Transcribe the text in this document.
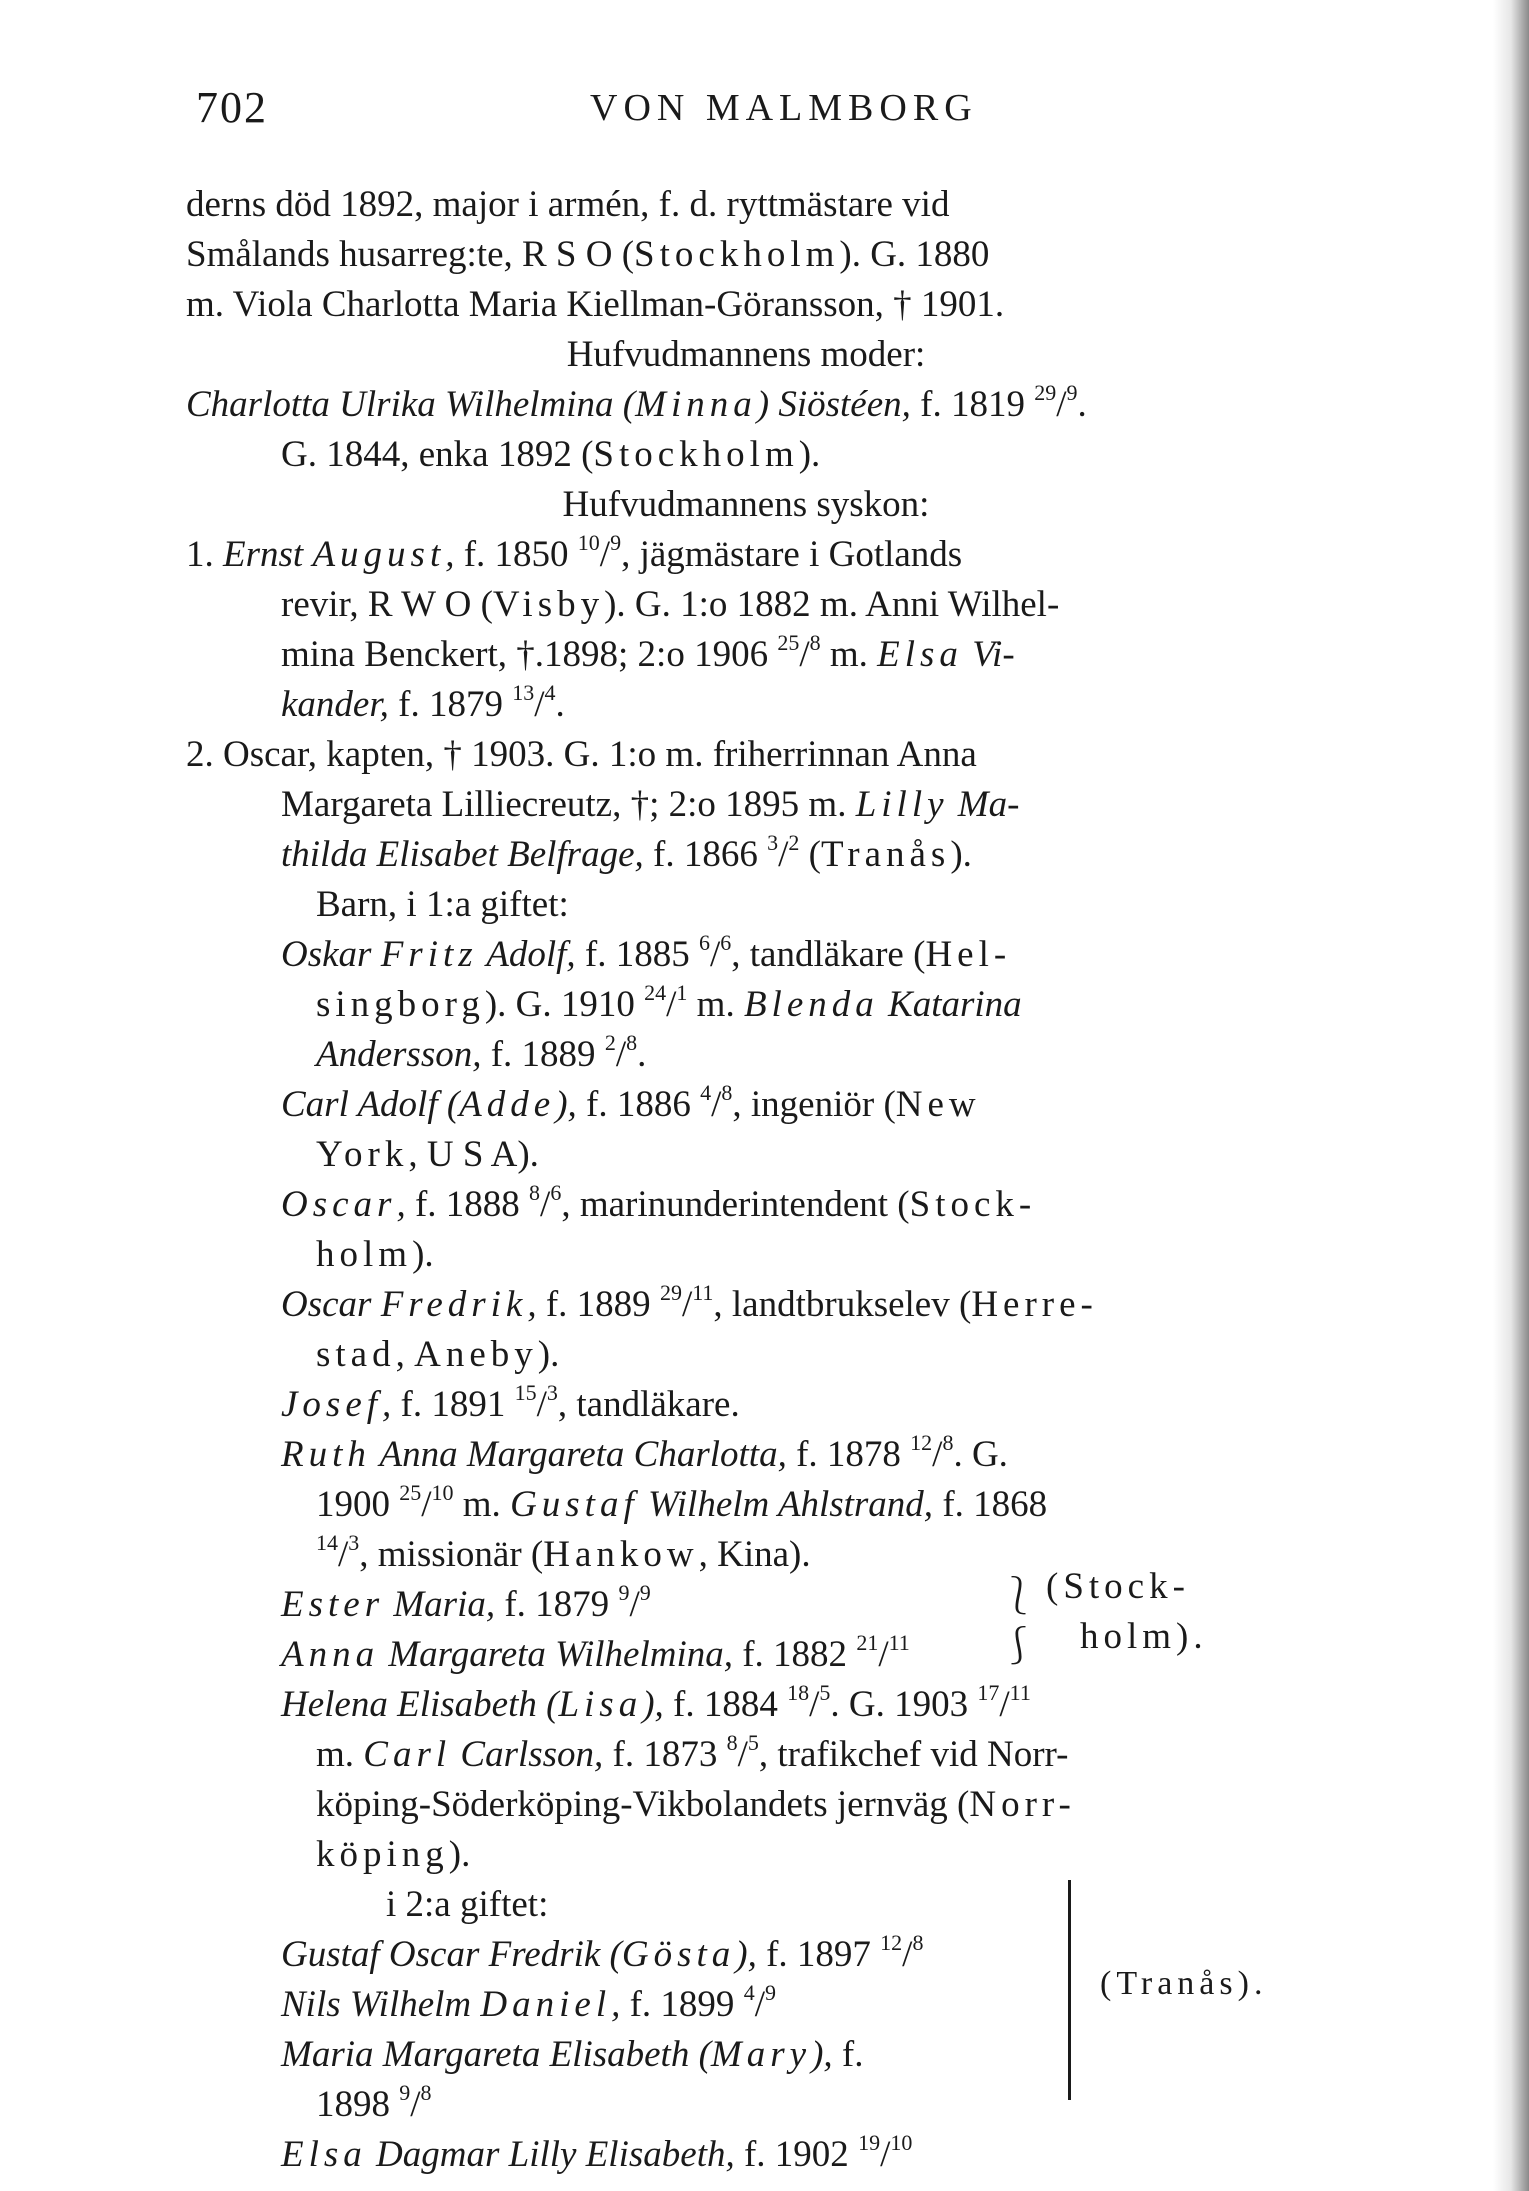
702	VON MALMBORG
derns död 1892, major i armén, f. d. ryttmästare vid
Smålands husarreg:te, R S O (Stockholm). G. 1880
m. Viola Charlotta Maria Kiellman-Göransson, † 1901.
Hufvudmannens moder:
Charlotta Ulrika Wilhelmina (Minna) Siöstéen, f. 1819 $^{29}$/$^9$.
G. 1844, enka 1892 (Stockholm).
Hufvudmannens syskon:
1. Ernst August, f. 1850 $^{10}$/$^9$, jägmästare i Gotlands
revir, R W O (Visby). G. 1:o 1882 m. Anni Wilhel-
mina Benckert, †.1898; 2:o 1906 $^{25}$/$^8$ m. Elsa Vi-
kander, f. 1879 $^{13}$/$^4$.
2. Oscar, kapten, † 1903. G. 1:o m. friherrinnan Anna
Margareta Lilliecreutz, †; 2:o 1895 m. Lilly Ma-
thilda Elisabet Belfrage, f. 1866 $^3$/$^2$ (Tranås).
Barn, i 1:a giftet:
Oskar Fritz Adolf, f. 1885 $^6$/$^6$, tandläkare (Hel-
singborg). G. 1910 $^{24}$/$^1$ m. Blenda Katarina
Andersson, f. 1889 $^2$/$^8$.
Carl Adolf (Adde), f. 1886 $^4$/$^8$, ingeniör (New
York, U S A).
Oscar, f. 1888 $^8$/$^6$, marinunderintendent (Stock-
holm).
Oscar Fredrik, f. 1889 $^{29}$/$^{11}$, landtbrukselev (Herre-
stad, Aneby).
Josef, f. 1891 $^{15}$/$^3$, tandläkare.
Ruth Anna Margareta Charlotta, f. 1878 $^{12}$/$^8$. G.
1900 $^{25}$/$^{10}$ m. Gustaf Wilhelm Ahlstrand, f. 1868
$^{14}$/$^3$, missionär (Hankow, Kina).
Ester Maria, f. 1879 $^9$/$^9$
Anna Margareta Wilhelmina, f. 1882 $^{21}$/$^{11}$
Helena Elisabeth (Lisa), f. 1884 $^{18}$/$^5$. G. 1903 $^{17}$/$^{11}$
m. Carl Carlsson, f. 1873 $^8$/$^5$, trafikchef vid Norr-
köping-Söderköping-Vikbolandets jernväg (Norr-
köping).
i 2:a giftet:
Gustaf Oscar Fredrik (Gösta), f. 1897 $^{12}$/$^8$
Nils Wilhelm Daniel, f. 1899 $^4$/$^9$
Maria Margareta Elisabeth (Mary), f.
1898 $^9$/$^8$
Elsa Dagmar Lilly Elisabeth, f. 1902 $^{19}$/$^{10}$
⎱ (Stock-
⎰ holm).
(Tranås).
